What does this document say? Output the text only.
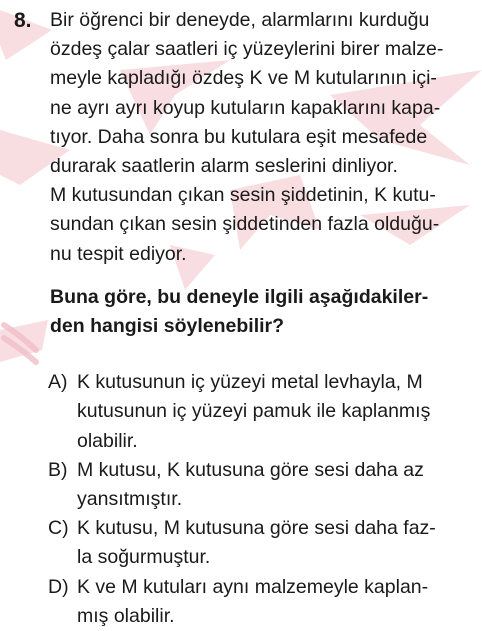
8. Bir öğrenci bir deneyde, alarmlarını kurduğu
özdeş çalar saatleri iç yüzeylerini birer malze-
meyle kapladığı özdeş K ve M kutularının içi-
ne ayrı ayrı koyup kutuların kapaklarını kapa-
tıyor. Daha sonra bu kutulara eşit mesafede
durarak saatlerin alarm seslerini dinliyor.
M kutusundan çıkan sesin şiddetinin, K kutu-
sundan çıkan sesin şiddetinden fazla olduğu-
nu tespit ediyor.
Buna göre, bu deneyle ilgili aşağıdakiler-
den hangisi söylenebilir?
A) K kutusunun iç yüzeyi metal levhayla, M
kutusunun iç yüzeyi pamuk ile kaplanmış
olabilir.
B) M kutusu, K kutusuna göre sesi daha az
yansıtmıştır.
C) K kutusu, M kutusuna göre sesi daha faz-
la soğurmuştur.
D) K ve M kutuları aynı malzemeyle kaplan-
mış olabilir.
